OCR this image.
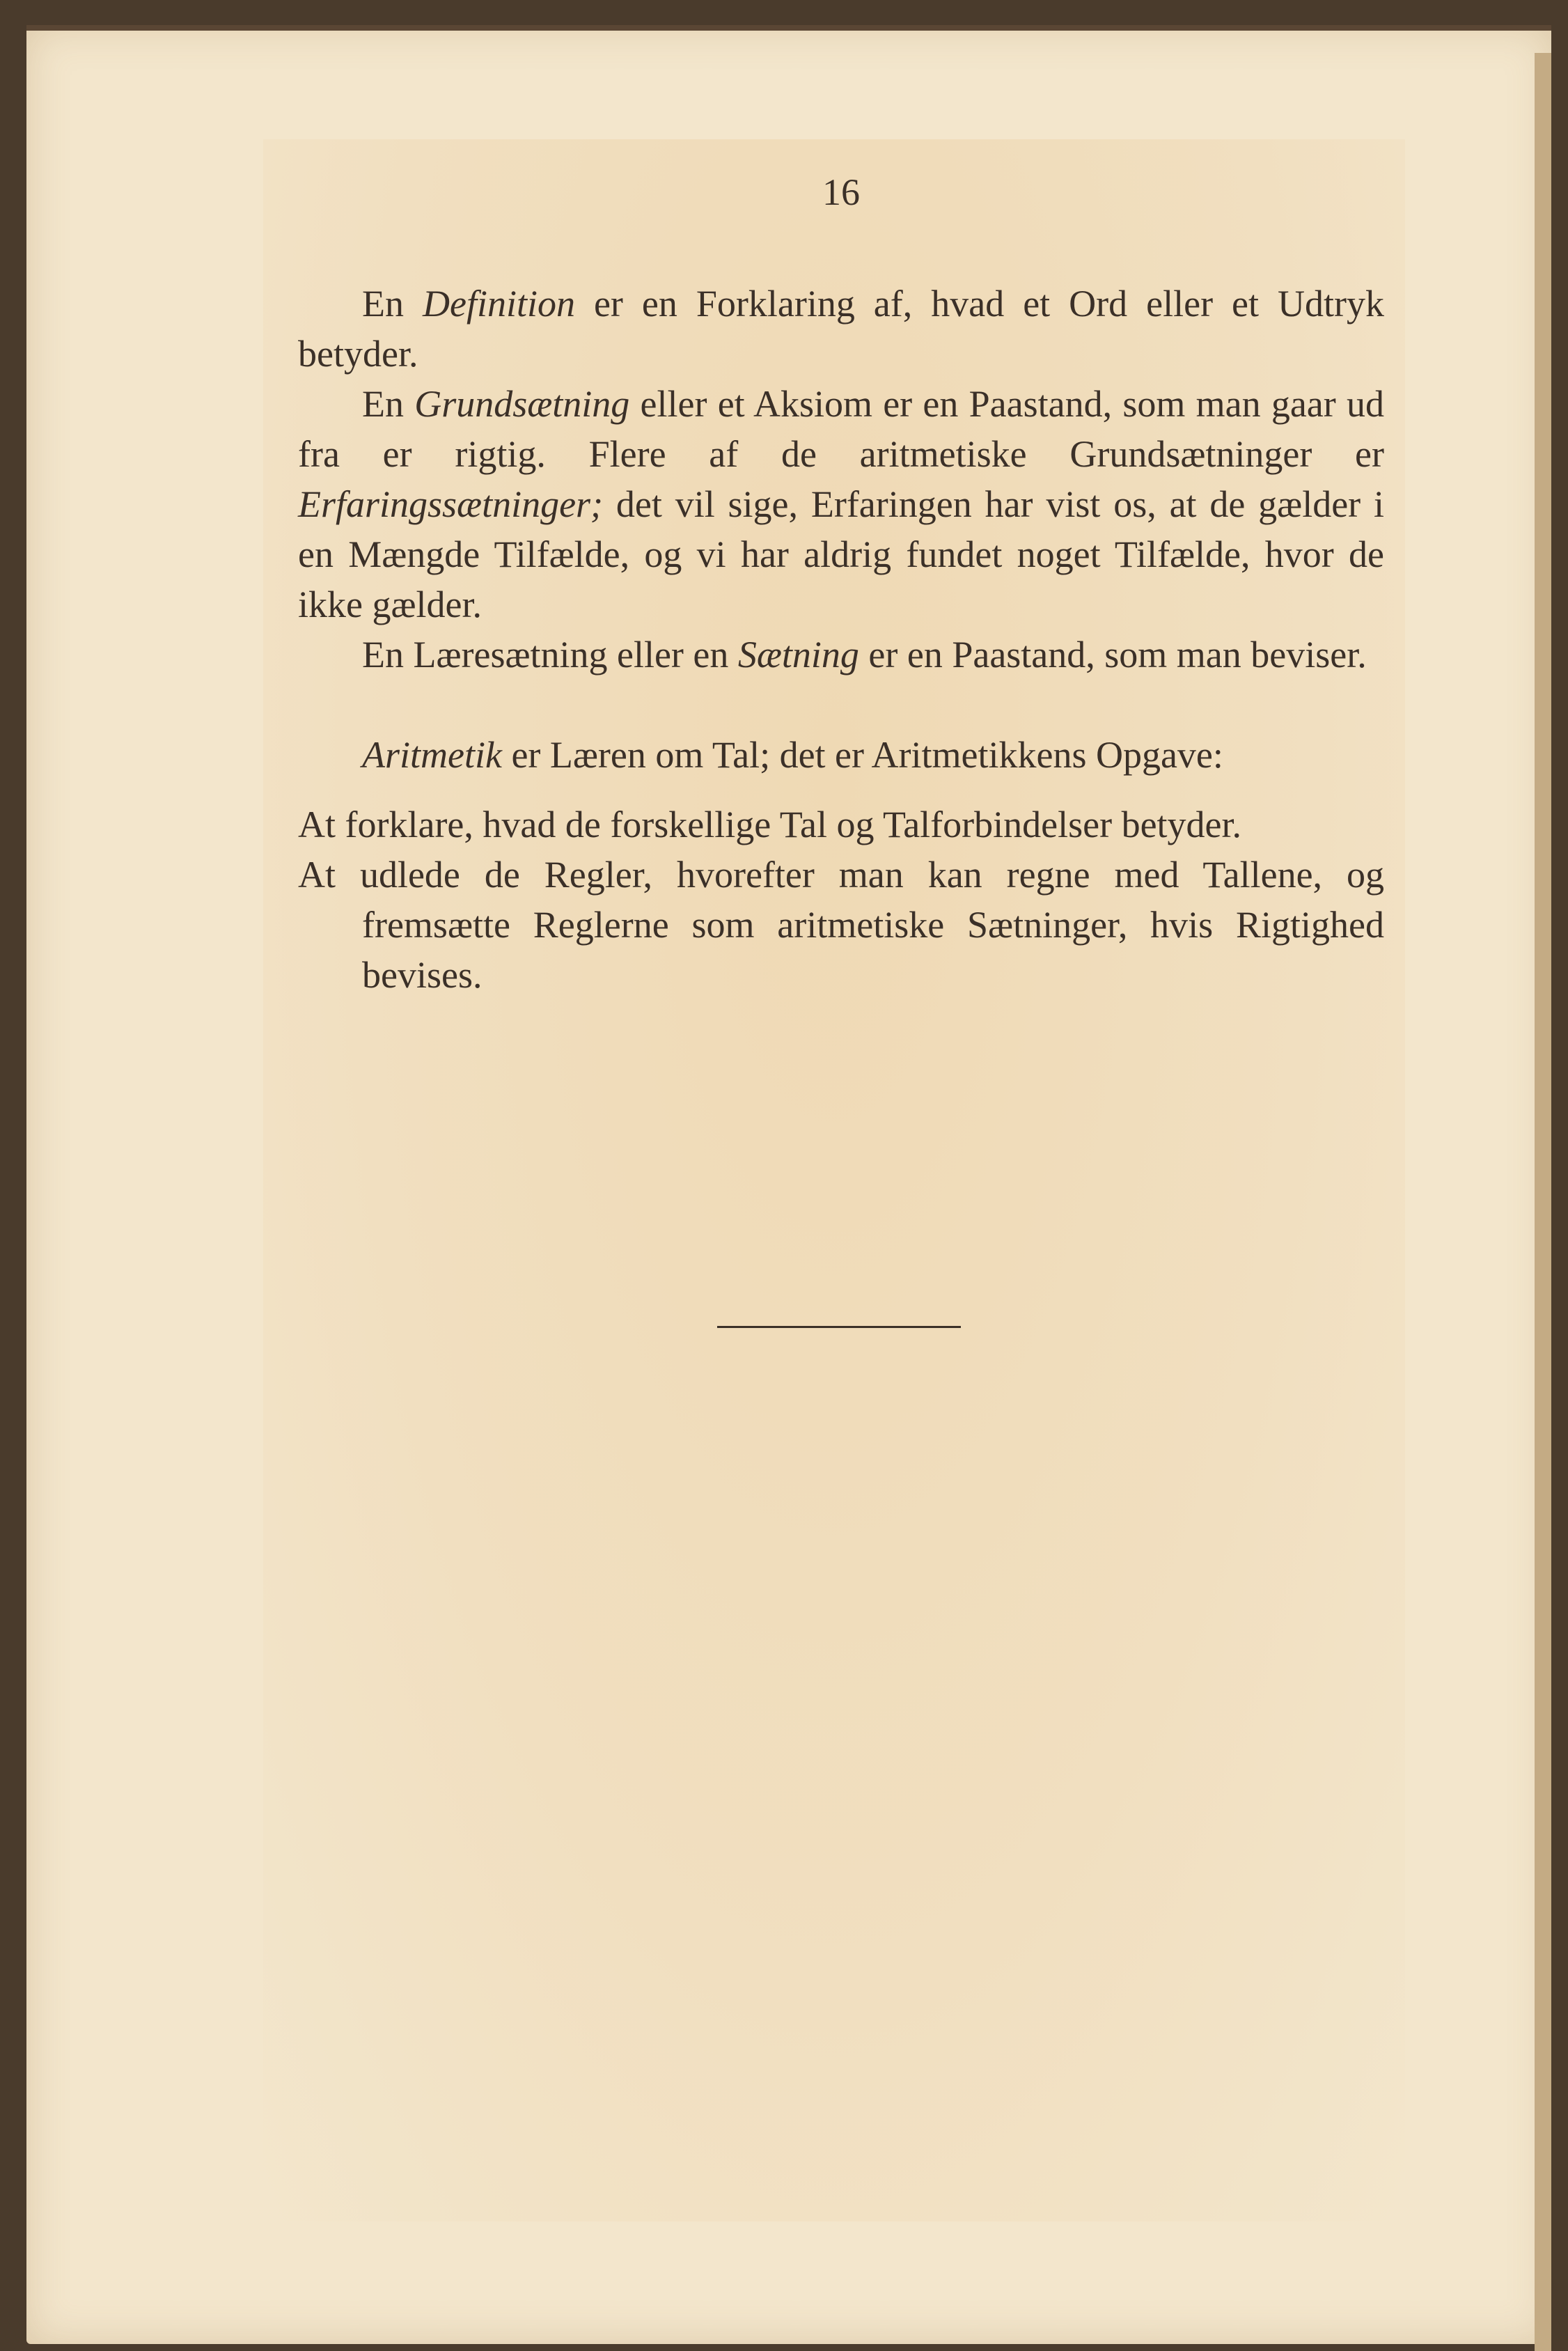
16

En Definition er en Forklaring af, hvad et Ord eller et Udtryk betyder.

En Grundsætning eller et Aksiom er en Paastand, som man gaar ud fra er rigtig. Flere af de aritmetiske Grundsætninger er Erfaringssætninger; det vil sige, Erfaringen har vist os, at de gælder i en Mængde Tilfælde, og vi har aldrig fundet noget Tilfælde, hvor de ikke gælder.

En Læresætning eller en Sætning er en Paastand, som man beviser.

Aritmetik er Læren om Tal; det er Aritmetikkens Opgave:

At forklare, hvad de forskellige Tal og Talforbindelser betyder.

At udlede de Regler, hvorefter man kan regne med Tallene, og fremsætte Reglerne som aritmetiske Sætninger, hvis Rigtighed bevises.
